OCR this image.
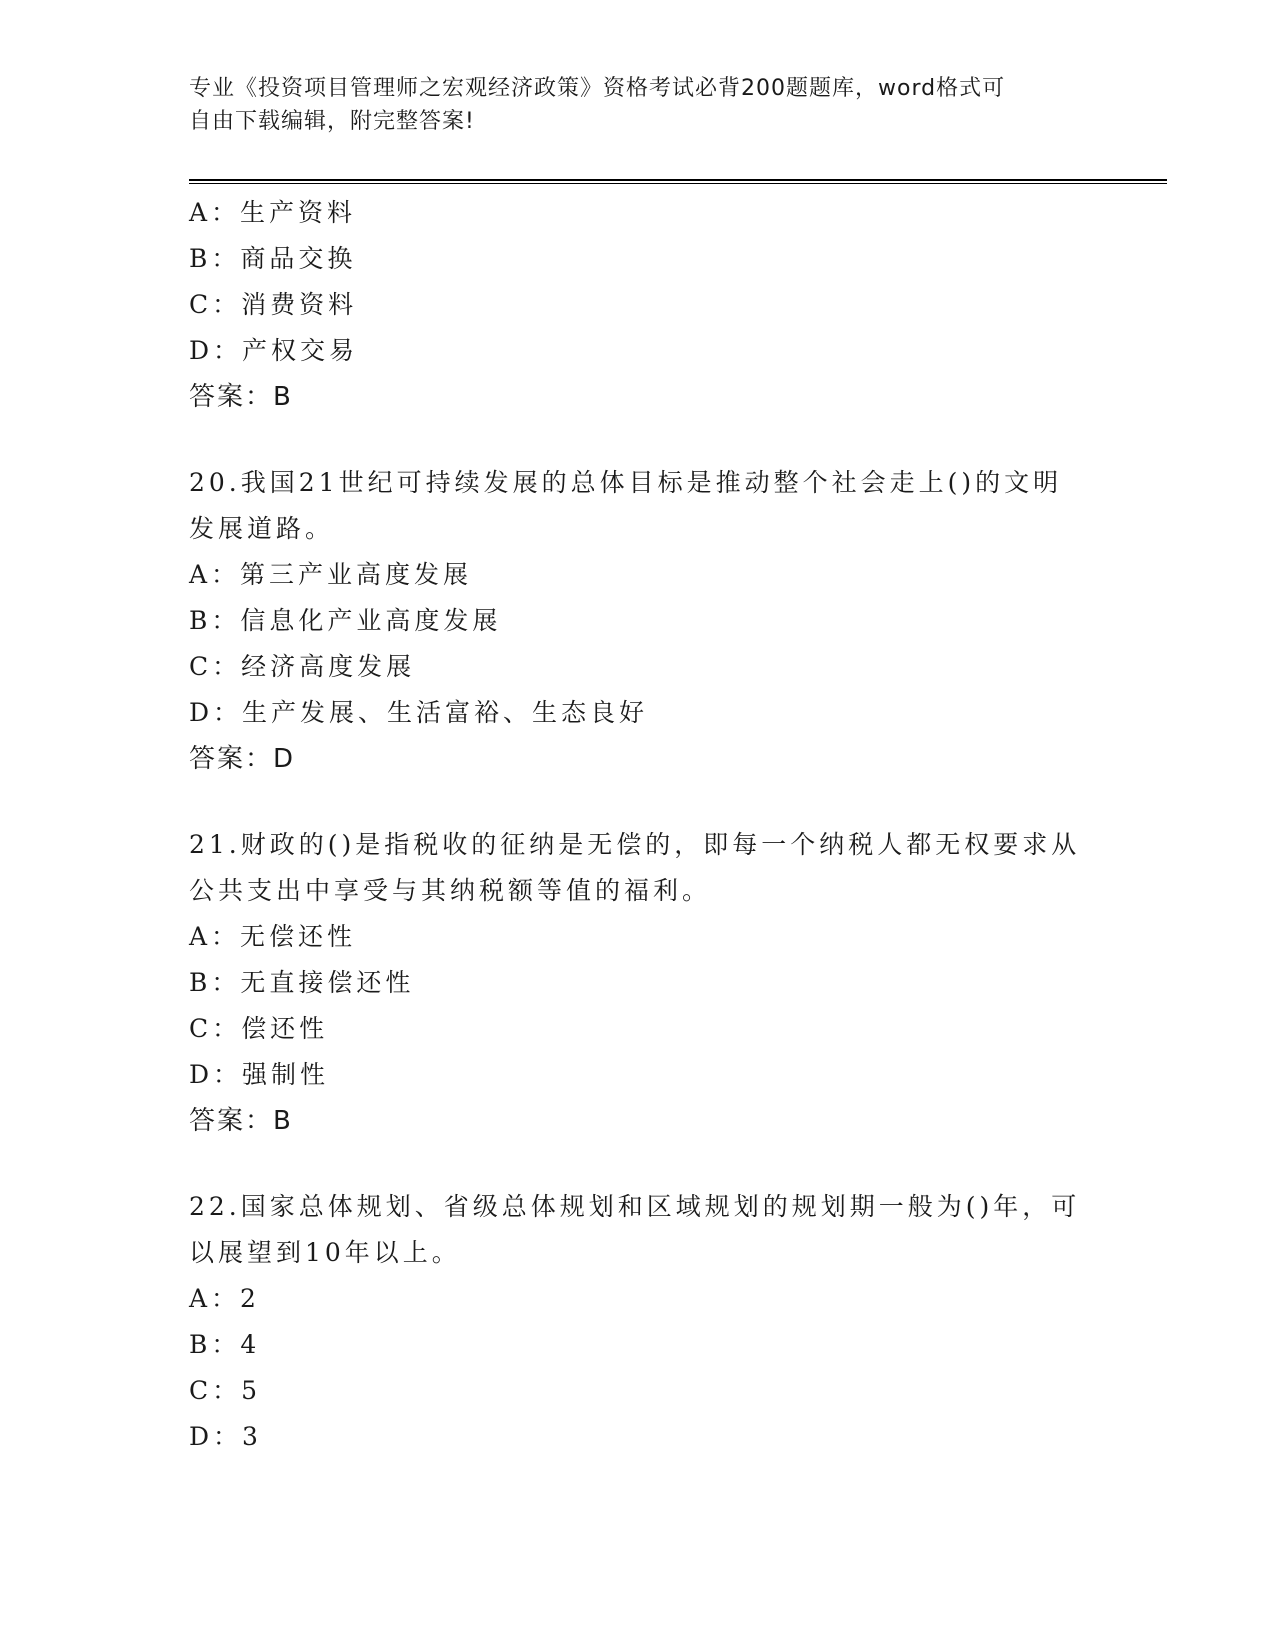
专业《投资项目管理师之宏观经济政策》资格考试必背200题题库，word格式可
自由下载编辑，附完整答案!
A：生产资料
B：商品交换
C：消费资料
D：产权交易
答案：B
20.我国21世纪可持续发展的总体目标是推动整个社会走上()的文明
发展道路。
A：第三产业高度发展
B：信息化产业高度发展
C：经济高度发展
D：生产发展、生活富裕、生态良好
答案：D
21.财政的()是指税收的征纳是无偿的，即每一个纳税人都无权要求从
公共支出中享受与其纳税额等值的福利。
A：无偿还性
B：无直接偿还性
C：偿还性
D：强制性
答案：B
22.国家总体规划、省级总体规划和区域规划的规划期一般为()年，可
以展望到10年以上。
A：2
B：4
C：5
D：3
